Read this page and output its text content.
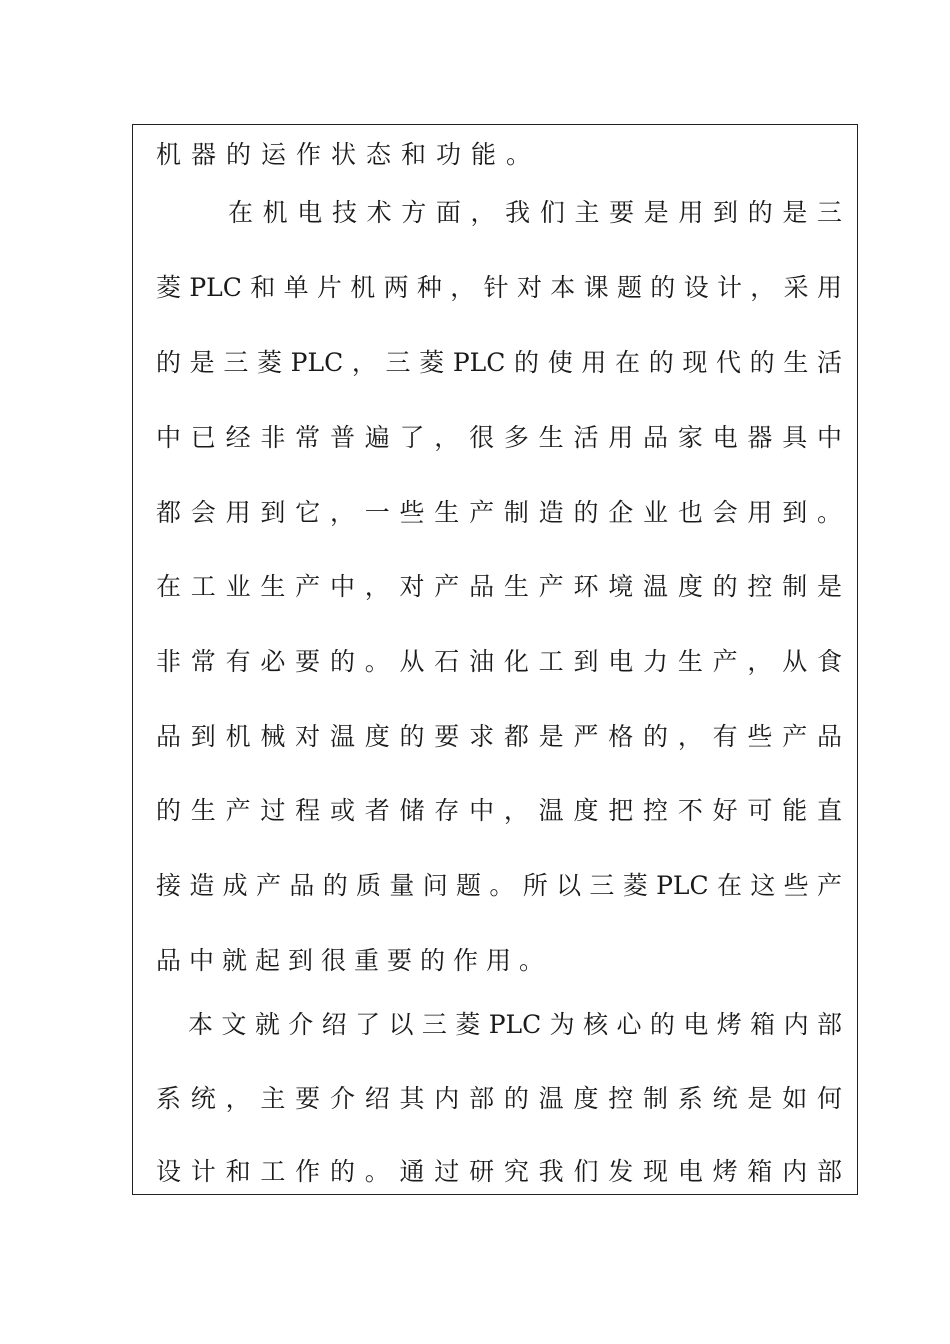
机器的运作状态和功能。
在机电技术方面，我们主要是用到的是三
菱PLC和单片机两种，针对本课题的设计，采用
的是三菱PLC，三菱PLC的使用在的现代的生活
中已经非常普遍了，很多生活用品家电器具中
都会用到它，一些生产制造的企业也会用到。
在工业生产中，对产品生产环境温度的控制是
非常有必要的。从石油化工到电力生产，从食
品到机械对温度的要求都是严格的，有些产品
的生产过程或者储存中，温度把控不好可能直
接造成产品的质量问题。所以三菱PLC在这些产
品中就起到很重要的作用。
本文就介绍了以三菱PLC为核心的电烤箱内部
系统，主要介绍其内部的温度控制系统是如何
设计和工作的。通过研究我们发现电烤箱内部
